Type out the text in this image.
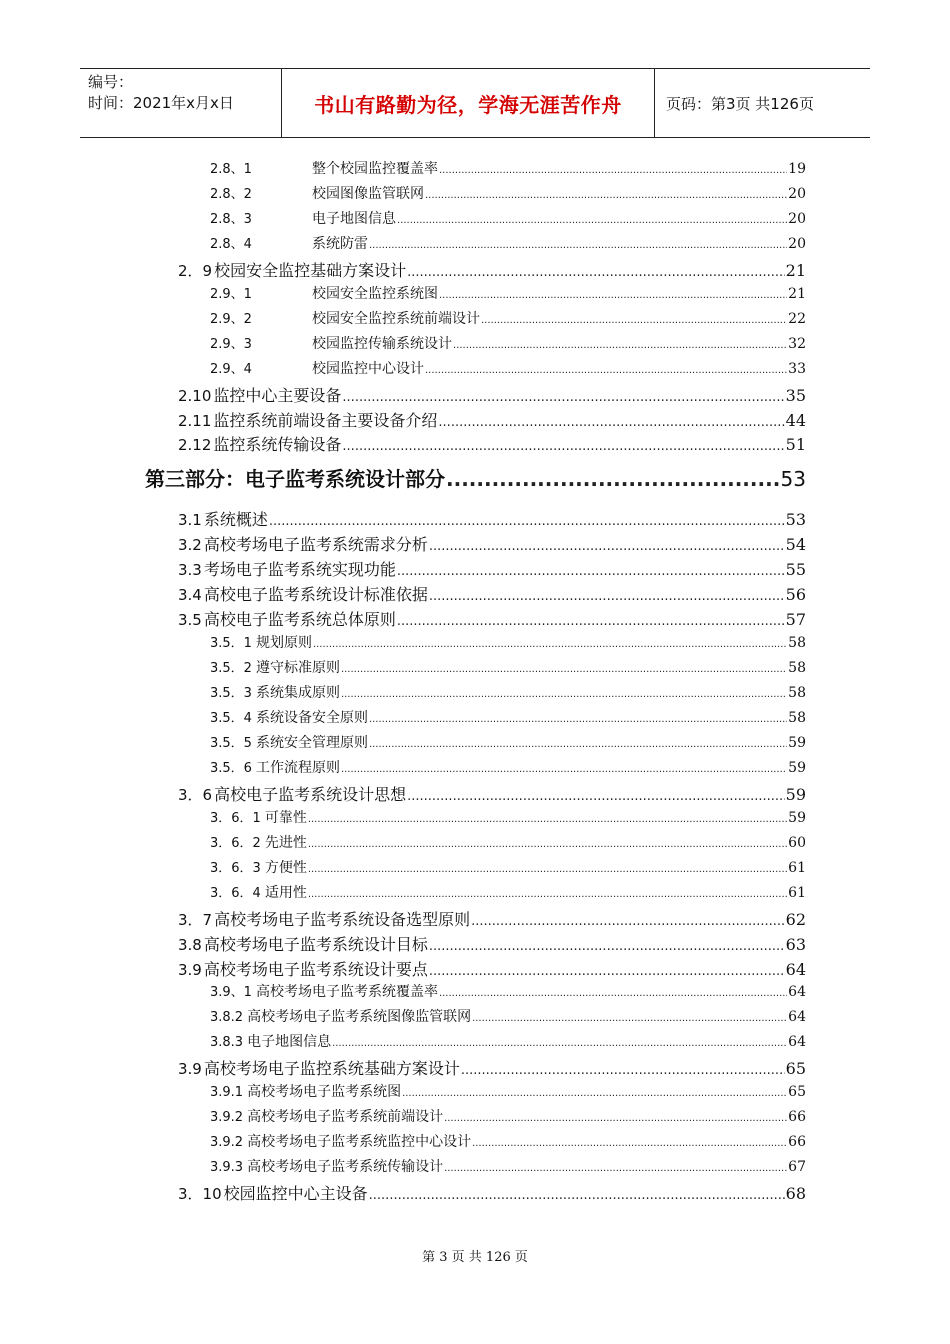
编号：
时间：2021年x月x日	书山有路勤为径，学海无涯苦作舟	页码：第3页 共126页
2.8、1	整个校园监控覆盖率 .....	19
2.8、2	校园图像监管联网 .....	20
2.8、3	电子地图信息 .....	20
2.8、4	系统防雷 .....	20
2．9 校园安全监控基础方案设计 .....	21
2.9、1	校园安全监控系统图 .....	21
2.9、2	校园安全监控系统前端设计 .....	22
2.9、3	校园监控传输系统设计 .....	32
2.9、4	校园监控中心设计 .....	33
2.10 监控中心主要设备 .....	35
2.11 监控系统前端设备主要设备介绍 .....	44
2.12 监控系统传输设备 .....	51
第三部分：电子监考系统设计部分 .....	53
3.1 系统概述 .....	53
3.2 高校考场电子监考系统需求分析 .....	54
3.3 考场电子监考系统实现功能 .....	55
3.4 高校电子监考系统设计标准依据 .....	56
3.5 高校电子监考系统总体原则 .....	57
3.5．1 规划原则 .....	58
3.5．2 遵守标准原则 .....	58
3.5．3 系统集成原则 .....	58
3.5．4 系统设备安全原则 .....	58
3.5．5 系统安全管理原则 .....	59
3.5．6 工作流程原则 .....	59
3．6 高校电子监考系统设计思想 .....	59
3．6．1 可靠性 .....	59
3．6．2 先进性 .....	60
3．6．3 方便性 .....	61
3．6．4 适用性 .....	61
3．7 高校考场电子监考系统设备选型原则 .....	62
3.8 高校考场电子监考系统设计目标 .....	63
3.9 高校考场电子监考系统设计要点 .....	64
3.9、1 高校考场电子监考系统覆盖率 .....	64
3.8.2 高校考场电子监考系统图像监管联网 .....	64
3.8.3 电子地图信息 .....	64
3.9 高校考场电子监控系统基础方案设计 .....	65
3.9.1 高校考场电子监考系统图 .....	65
3.9.2 高校考场电子监考系统前端设计 .....	66
3.9.2 高校考场电子监考系统监控中心设计 .....	66
3.9.3 高校考场电子监考系统传输设计 .....	67
3．10 校园监控中心主设备 .....	68
第 3 页 共 126 页
